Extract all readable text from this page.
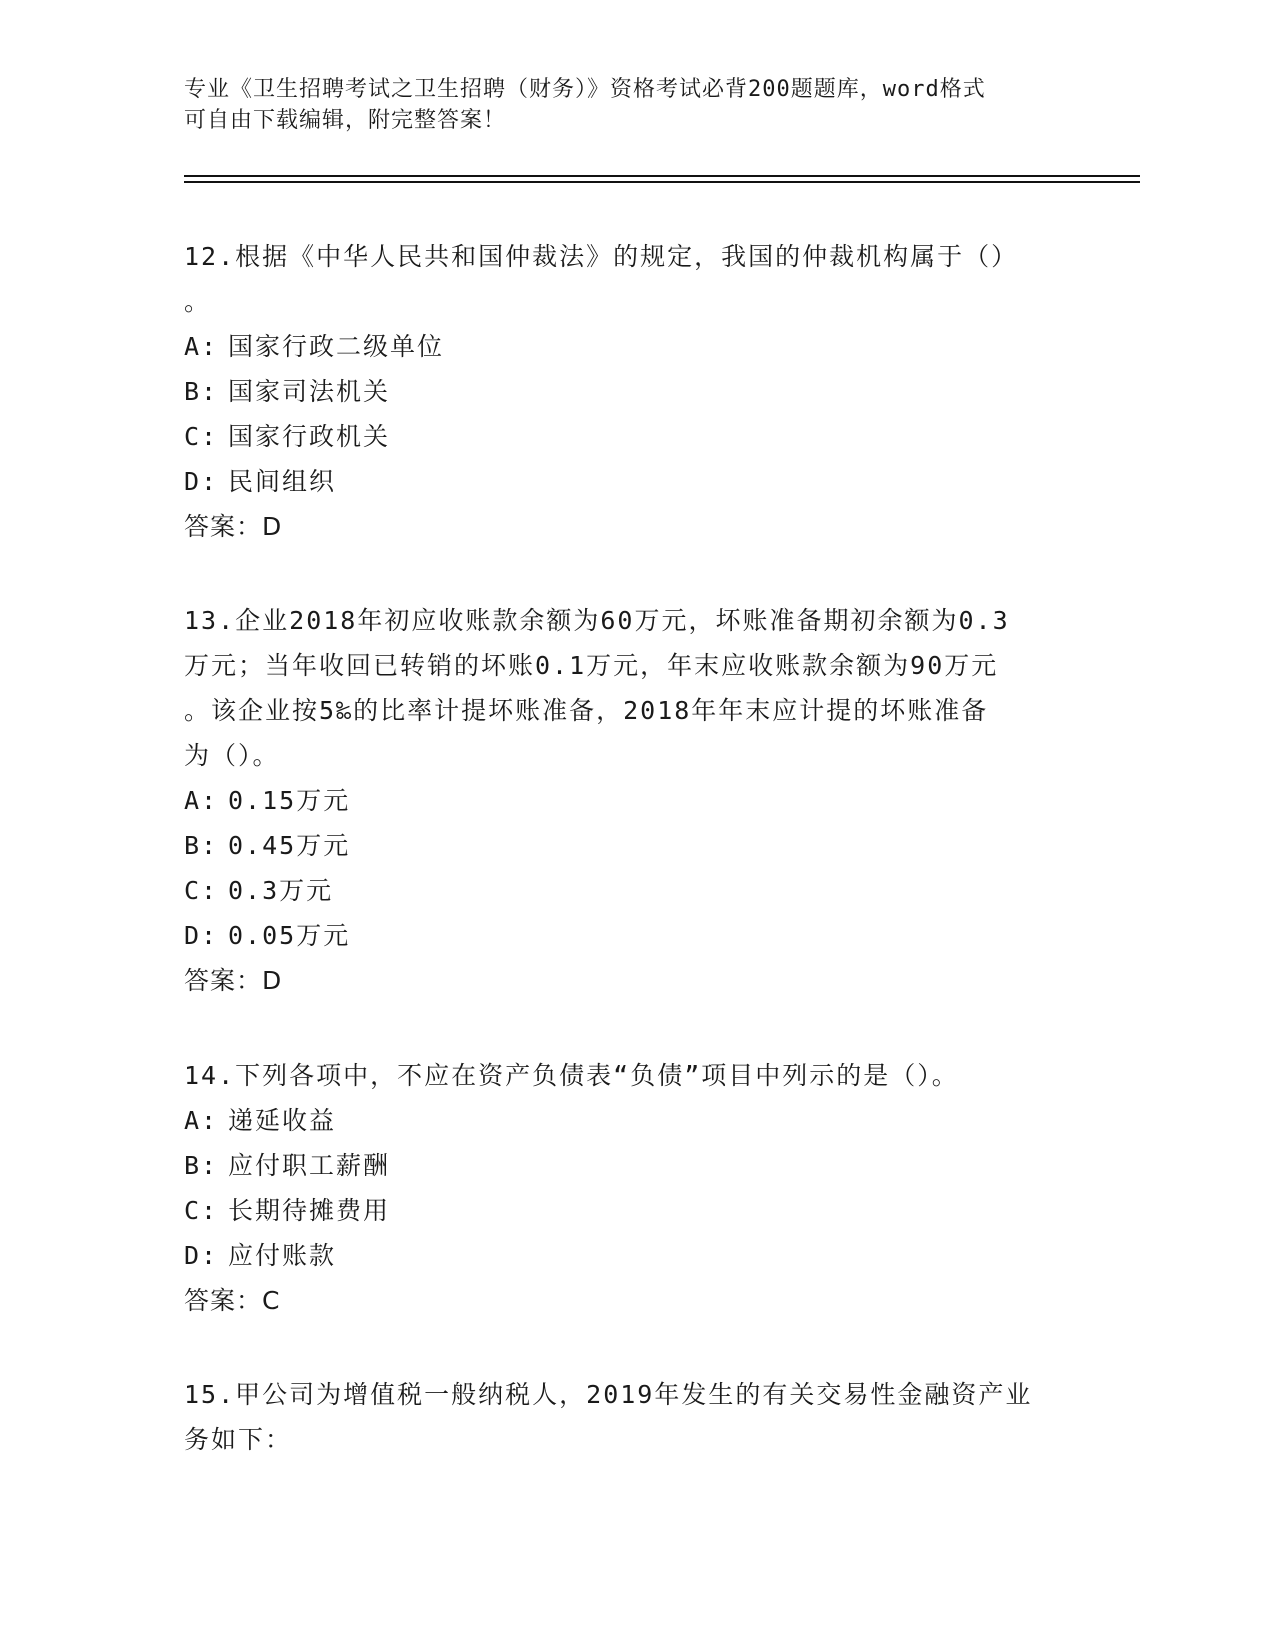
专业《卫生招聘考试之卫生招聘（财务）》资格考试必背200题题库，word格式
可自由下载编辑，附完整答案！

12.根据《中华人民共和国仲裁法》的规定，我国的仲裁机构属于（）

。

A: 国家行政二级单位

B: 国家司法机关

C: 国家行政机关

D: 民间组织

答案：D

13.企业2018年初应收账款余额为60万元，坏账准备期初余额为0.3

万元；当年收回已转销的坏账0.1万元，年末应收账款余额为90万元

。该企业按5‰的比率计提坏账准备，2018年年末应计提的坏账准备

为（）。

A: 0.15万元

B: 0.45万元

C: 0.3万元

D: 0.05万元

答案：D

14.下列各项中，不应在资产负债表“负债”项目中列示的是（）。

A: 递延收益

B: 应付职工薪酬

C: 长期待摊费用

D: 应付账款

答案：C

15.甲公司为增值税一般纳税人，2019年发生的有关交易性金融资产业

务如下：
